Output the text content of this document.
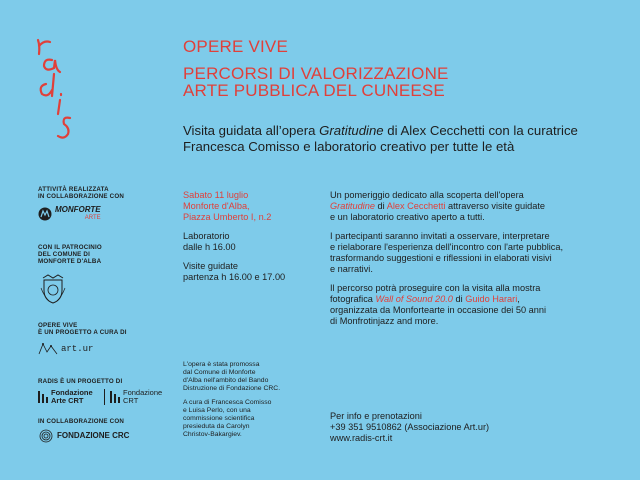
OPERE VIVE
PERCORSI DI VALORIZZAZIONE
ARTE PUBBLICA DEL CUNEESE
Visita guidata all’opera Gratitudine di Alex Cecchetti con la curatrice
Francesca Comisso e laboratorio creativo per tutte le età
ATTIVITÀ REALIZZATA
IN COLLABORAZIONE CON
MONFORTE
ARTE
CON IL PATROCINIO
DEL COMUNE DI
MONFORTE D'ALBA
OPERE VIVE
È UN PROGETTO A CURA DI
art.ur
RADIS È UN PROGETTO DI
Fondazione
Arte CRT
Fondazione
CRT
IN COLLABORAZIONE CON
FONDAZIONE CRC

Sabato 11 luglio
Monforte d'Alba,
Piazza Umberto I, n.2

Laboratorio
dalle h 16.00

Visite guidate
partenza h 16.00 e 17.00

L'opera è stata promossa
dal Comune di Monforte
d'Alba nell'ambito del Bando
Distruzione di Fondazione CRC.

A cura di Francesca Comisso
e Luisa Perlo, con una
commissione scientifica
presieduta da Carolyn
Christov-Bakargiev.

Un pomeriggio dedicato alla scoperta dell'opera
Gratitudine di Alex Cecchetti attraverso visite guidate
e un laboratorio creativo aperto a tutti.

I partecipanti saranno invitati a osservare, interpretare
e rielaborare l'esperienza dell'incontro con l'arte pubblica,
trasformando suggestioni e riflessioni in elaborati visivi
e narrativi.

Il percorso potrà proseguire con la visita alla mostra
fotografica Wall of Sound 20.0 di Guido Harari,
organizzata da Monfortearte in occasione dei 50 anni
di Monfrotinjazz and more.

Per info e prenotazioni
+39 351 9510862 (Associazione Art.ur)
www.radis-crt.it
